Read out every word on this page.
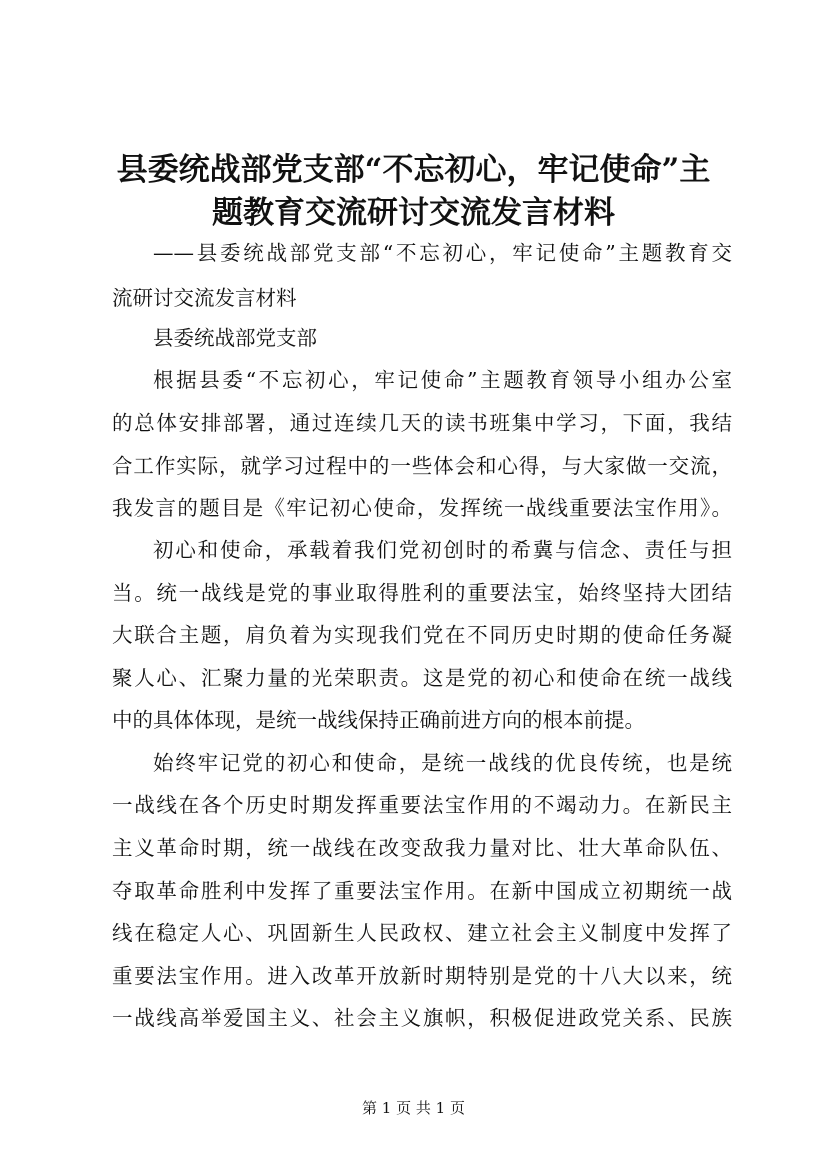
县委统战部党支部“不忘初心，牢记使命”主
题教育交流研讨交流发言材料

——县委统战部党支部“不忘初心，牢记使命”主题教育交

流研讨交流发言材料

县委统战部党支部

根据县委“不忘初心，牢记使命”主题教育领导小组办公室

的总体安排部署，通过连续几天的读书班集中学习，下面，我结

合工作实际，就学习过程中的一些体会和心得，与大家做一交流，

我发言的题目是《牢记初心使命，发挥统一战线重要法宝作用》。

初心和使命，承载着我们党初创时的希冀与信念、责任与担

当。统一战线是党的事业取得胜利的重要法宝，始终坚持大团结

大联合主题，肩负着为实现我们党在不同历史时期的使命任务凝

聚人心、汇聚力量的光荣职责。这是党的初心和使命在统一战线

中的具体体现，是统一战线保持正确前进方向的根本前提。

始终牢记党的初心和使命，是统一战线的优良传统，也是统

一战线在各个历史时期发挥重要法宝作用的不竭动力。在新民主

主义革命时期，统一战线在改变敌我力量对比、壮大革命队伍、

夺取革命胜利中发挥了重要法宝作用。在新中国成立初期统一战

线在稳定人心、巩固新生人民政权、建立社会主义制度中发挥了

重要法宝作用。进入改革开放新时期特别是党的十八大以来，统

一战线高举爱国主义、社会主义旗帜，积极促进政党关系、民族

第 1 页 共 1 页
